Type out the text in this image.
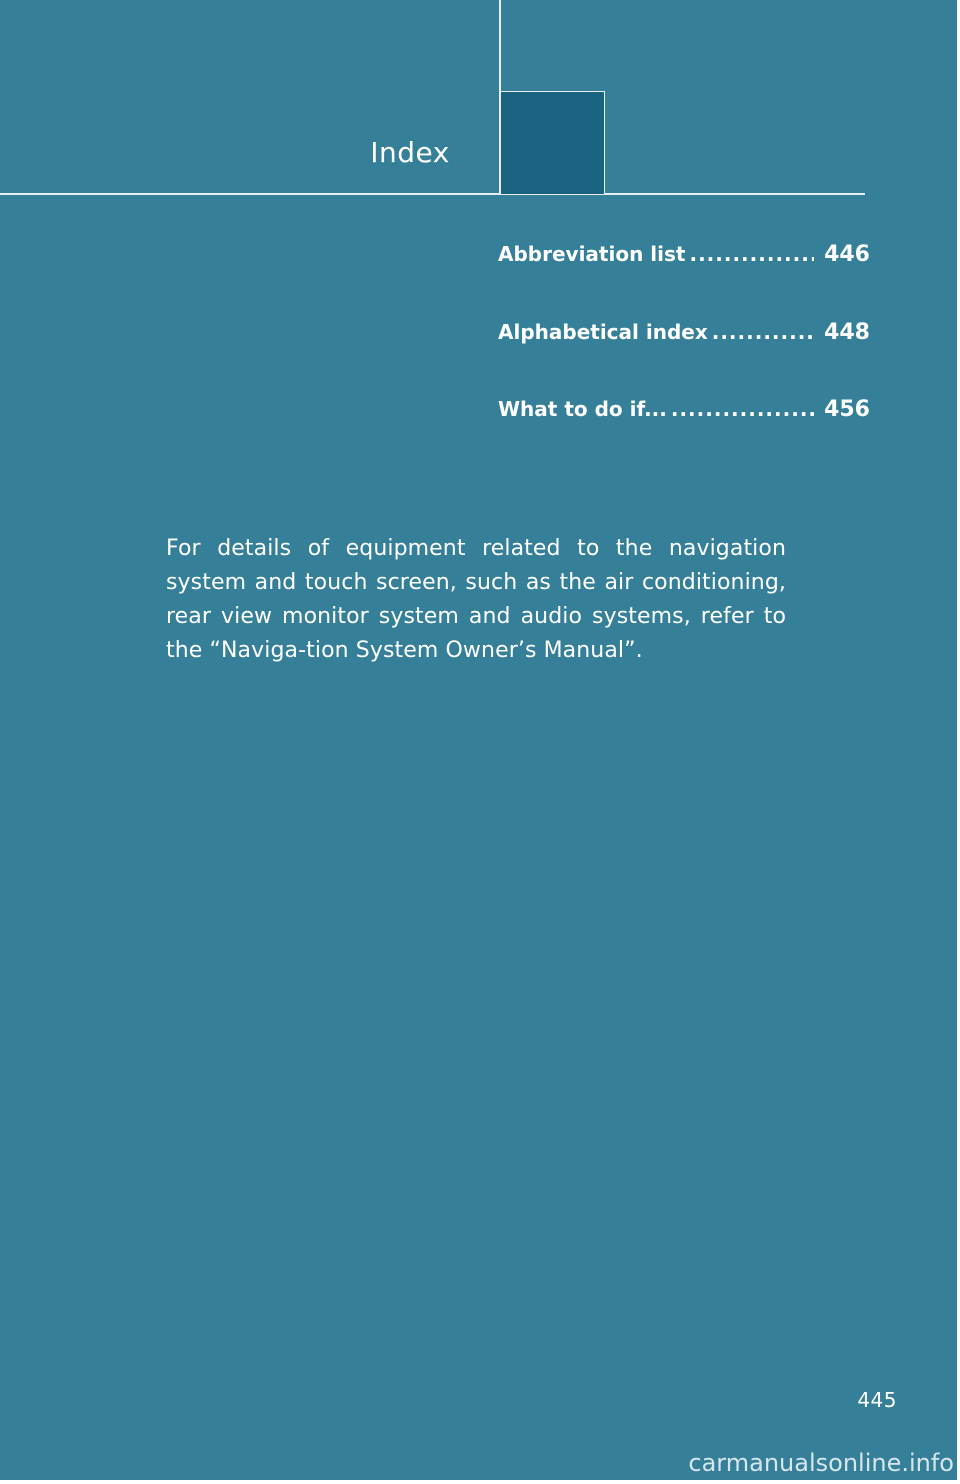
Index
Abbreviation list .....	446
Alphabetical index .....	448
What to do if... .....	456
For details of equipment related to the navigation system and touch screen, such as the air conditioning, rear view monitor system and audio systems, refer to the “Naviga-tion System Owner’s Manual”.
445
carmanualsonline.info
